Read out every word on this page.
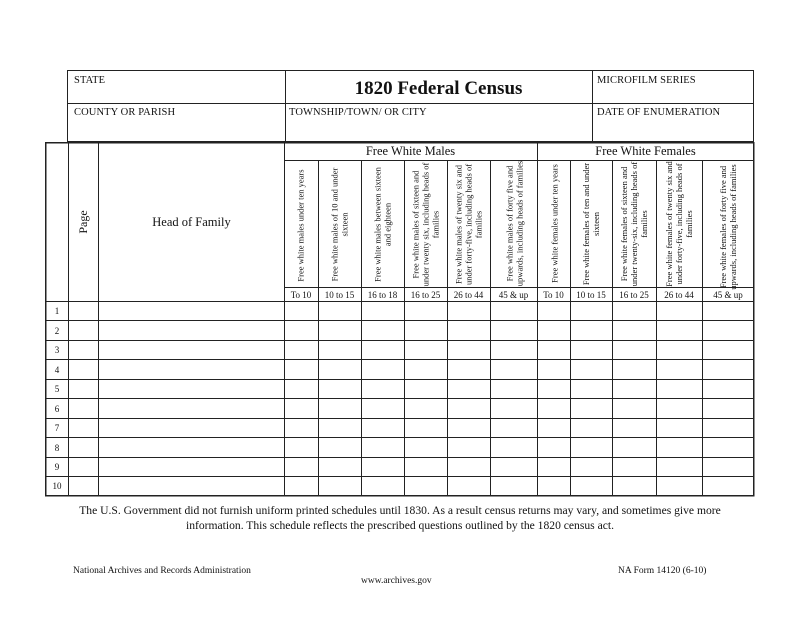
STATE	1820 Federal Census	MICROFILM SERIES
COUNTY OR PARISH	TOWNSHIP/TOWN/ OR CITY	DATE OF ENUMERATION
Page	Head of Family
Free White Males	Free White Females
Free white males under ten years	Free white males of 10 and under sixteen	Free white males between sixteen and eighteen	Free white males of sixteen and under twenty six, including heads of families	Free white males of twenty six and under forty-five, including heads of families	Free white males of forty five and upwards, including heads of families	Free white females under ten years	Free white females of ten and under sixteen	Free white females of sixteen and under twenty-six, including heads of families	Free white females of twenty six and under forty-five, including heads of families	Free white females of forty five and upwards, including heads of families
To 10	10 to 15	16 to 18	16 to 25	26 to 44	45 & up	To 10	10 to 15	16 to 25	26 to 44	45 & up
1
2
3
4
5
6
7
8
9
10
The U.S. Government did not furnish uniform printed schedules until 1830. As a result census returns may vary, and sometimes give more information. This schedule reflects the prescribed questions outlined by the 1820 census act.
National Archives and Records Administration	NA Form 14120 (6-10)
www.archives.gov
